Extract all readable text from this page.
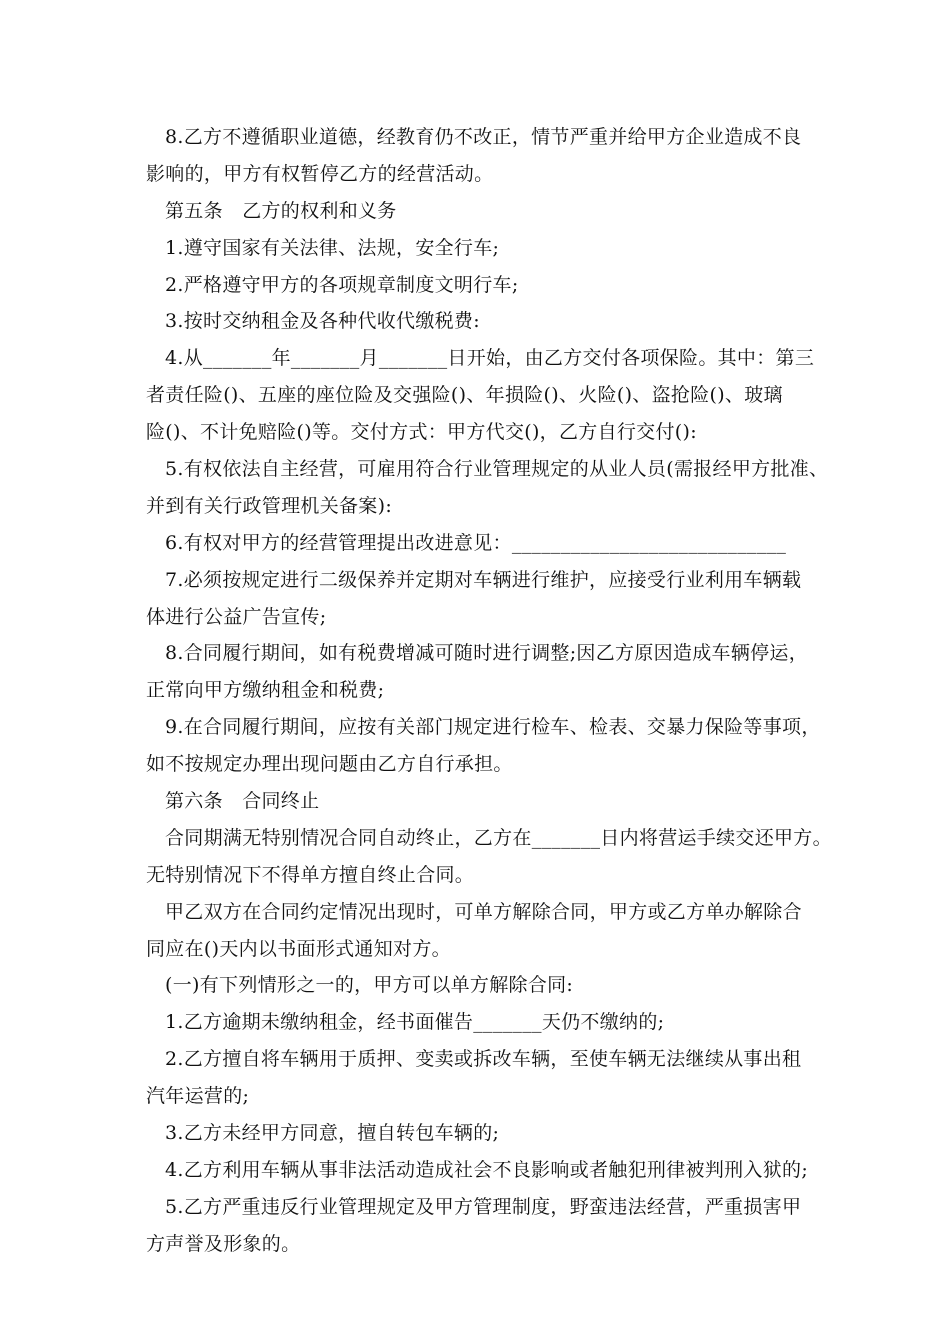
8.乙方不遵循职业道德，经教育仍不改正，情节严重并给甲方企业造成不良
影响的，甲方有权暂停乙方的经营活动。
第五条　乙方的权利和义务
1.遵守国家有关法律、法规，安全行车;
2.严格遵守甲方的各项规章制度文明行车;
3.按时交纳租金及各种代收代缴税费:
4.从_______年_______月_______日开始，由乙方交付各项保险。其中：第三
者责任险()、五座的座位险及交强险()、年损险()、火险()、盗抢险()、玻璃
险()、不计免赔险()等。交付方式：甲方代交()，乙方自行交付():
5.有权依法自主经营，可雇用符合行业管理规定的从业人员(需报经甲方批准、
并到有关行政管理机关备案):
6.有权对甲方的经营管理提出改进意见：____________________________
7.必须按规定进行二级保养并定期对车辆进行维护，应接受行业利用车辆载
体进行公益广告宣传;
8.合同履行期间，如有税费增减可随时进行调整;因乙方原因造成车辆停运，
正常向甲方缴纳租金和税费;
9.在合同履行期间，应按有关部门规定进行检车、检表、交暴力保险等事项，
如不按规定办理出现问题由乙方自行承担。
第六条　合同终止
合同期满无特别情况合同自动终止，乙方在_______日内将营运手续交还甲方。
无特别情况下不得单方擅自终止合同。
甲乙双方在合同约定情况出现时，可单方解除合同，甲方或乙方单办解除合
同应在()天内以书面形式通知对方。
(一)有下列情形之一的，甲方可以单方解除合同:
1.乙方逾期未缴纳租金，经书面催告_______天仍不缴纳的;
2.乙方擅自将车辆用于质押、变卖或拆改车辆，至使车辆无法继续从事出租
汽年运营的;
3.乙方未经甲方同意，擅自转包车辆的;
4.乙方利用车辆从事非法活动造成社会不良影响或者触犯刑律被判刑入狱的;
5.乙方严重违反行业管理规定及甲方管理制度，野蛮违法经营，严重损害甲
方声誉及形象的。
